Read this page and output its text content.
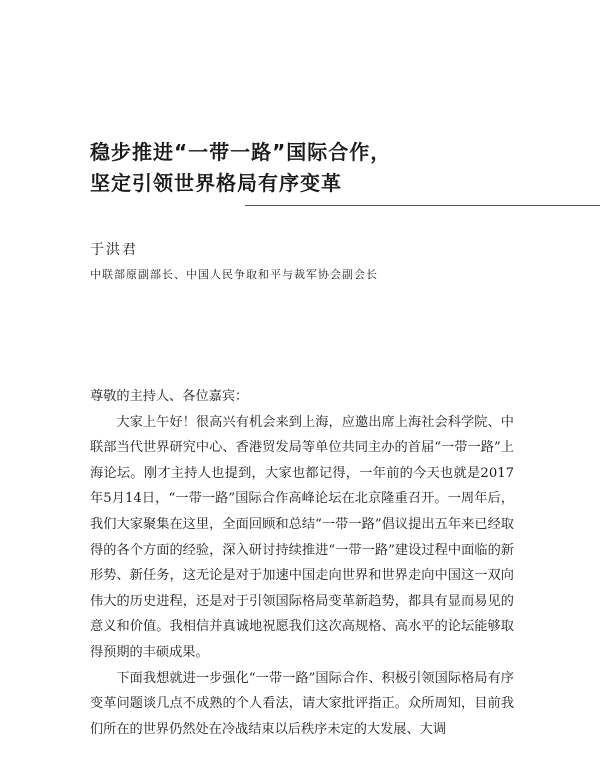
稳步推进“一带一路”国际合作，
坚定引领世界格局有序变革

于洪君

中联部原副部长、中国人民争取和平与裁军协会副会长

尊敬的主持人、各位嘉宾：

大家上午好！很高兴有机会来到上海，应邀出席上海社会科学院、中联部当代世界研究中心、香港贸发局等单位共同主办的首届“一带一路”上海论坛。刚才主持人也提到，大家也都记得，一年前的今天也就是2017年5月14日，“一带一路”国际合作高峰论坛在北京隆重召开。一周年后，我们大家聚集在这里，全面回顾和总结“一带一路”倡议提出五年来已经取得的各个方面的经验，深入研讨持续推进“一带一路”建设过程中面临的新形势、新任务，这无论是对于加速中国走向世界和世界走向中国这一双向伟大的历史进程，还是对于引领国际格局变革新趋势，都具有显而易见的意义和价值。我相信并真诚地祝愿我们这次高规格、高水平的论坛能够取得预期的丰硕成果。

下面我想就进一步强化“一带一路”国际合作、积极引领国际格局有序变革问题谈几点不成熟的个人看法，请大家批评指正。众所周知，目前我们所在的世界仍然处在冷战结束以后秩序未定的大发展、大调
